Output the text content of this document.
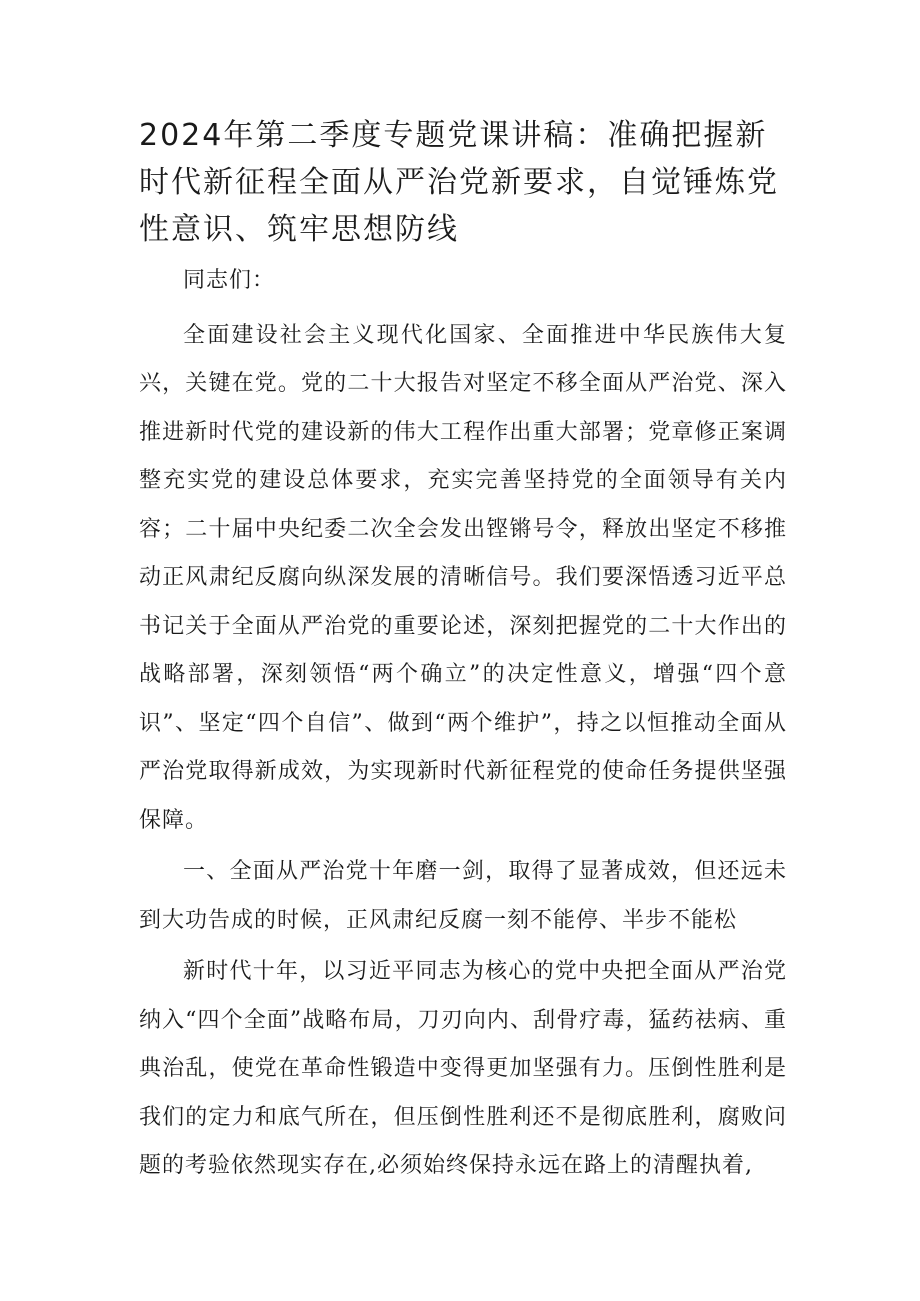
2024年第二季度专题党课讲稿：准确把握新时代新征程全面从严治党新要求，自觉锤炼党性意识、筑牢思想防线

同志们：

全面建设社会主义现代化国家、全面推进中华民族伟大复兴，关键在党。党的二十大报告对坚定不移全面从严治党、深入推进新时代党的建设新的伟大工程作出重大部署；党章修正案调整充实党的建设总体要求，充实完善坚持党的全面领导有关内容；二十届中央纪委二次全会发出铿锵号令，释放出坚定不移推动正风肃纪反腐向纵深发展的清晰信号。我们要深悟透习近平总书记关于全面从严治党的重要论述，深刻把握党的二十大作出的战略部署，深刻领悟“两个确立”的决定性意义，增强“四个意识”、坚定“四个自信”、做到“两个维护”，持之以恒推动全面从严治党取得新成效，为实现新时代新征程党的使命任务提供坚强保障。

一、全面从严治党十年磨一剑，取得了显著成效，但还远未到大功告成的时候，正风肃纪反腐一刻不能停、半步不能松

新时代十年，以习近平同志为核心的党中央把全面从严治党纳入“四个全面”战略布局，刀刃向内、刮骨疗毒，猛药祛病、重典治乱，使党在革命性锻造中变得更加坚强有力。压倒性胜利是我们的定力和底气所在，但压倒性胜利还不是彻底胜利，腐败问题的考验依然现实存在,必须始终保持永远在路上的清醒执着,
